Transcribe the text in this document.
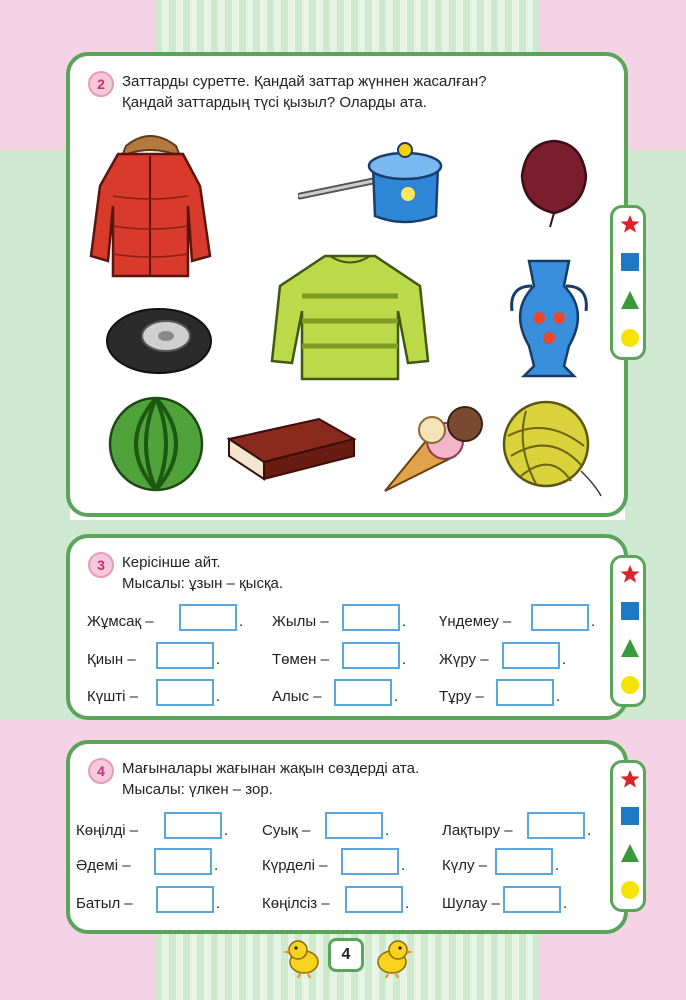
2	Заттарды суретте. Қандай заттар жүннен жасалған?
Қандай заттардың түсі қызыл? Оларды ата.
3	Керісінше айт.
Мысалы: ұзын – қысқа.
Жұмсақ –	. Жылы –	. Үндемеу –	.
Қиын –	.	Төмен –	. Жүру –	.
Күшті –	.	Алыс –	.	Тұру –	.
4	Мағыналары жағынан жақын сөздерді ата.
Мысалы: үлкен – зор.
Көңілді –	. Суық –	.	Лақтыру –	.
Әдемі –	.	Күрделі –	. Күлу –	.
Батыл –	.	Көңілсіз –	. Шулау –	.
4
